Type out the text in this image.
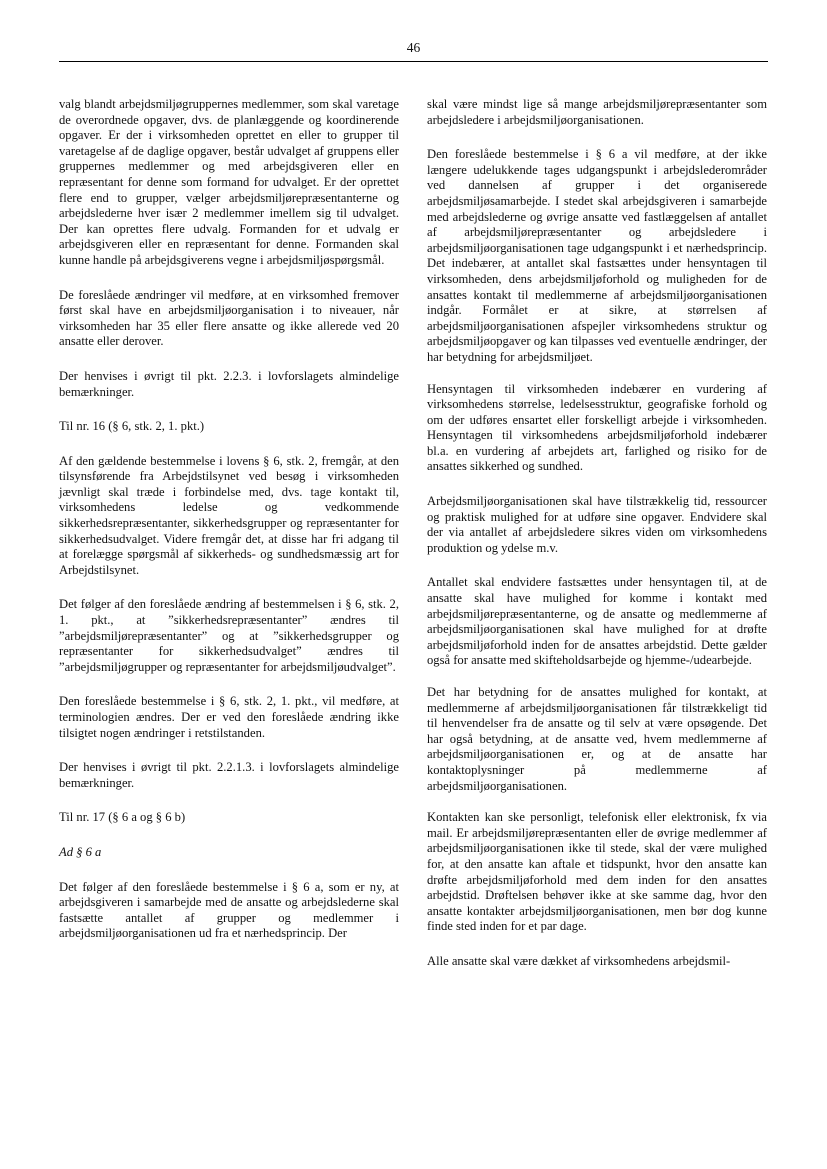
46

valg blandt arbejdsmiljøgruppernes medlemmer, som skal varetage de overordnede opgaver, dvs. de planlæggende og koordinerende opgaver. Er der i virksomheden oprettet en eller to grupper til varetagelse af de daglige opgaver, består udvalget af gruppens eller gruppernes medlemmer og med arbejdsgiveren eller en repræsentant for denne som formand for udvalget. Er der oprettet flere end to grupper, vælger arbejdsmiljørepræsentanterne og arbejdslederne hver især 2 medlemmer imellem sig til udvalget. Der kan oprettes flere udvalg. Formanden for et udvalg er arbejdsgiveren eller en repræsentant for denne. Formanden skal kunne handle på arbejdsgiverens vegne i arbejdsmiljøspørgsmål.

De foreslåede ændringer vil medføre, at en virksomhed fremover først skal have en arbejdsmiljøorganisation i to niveauer, når virksomheden har 35 eller flere ansatte og ikke allerede ved 20 ansatte eller derover.

Der henvises i øvrigt til pkt. 2.2.3. i lovforslagets almindelige bemærkninger.

Til nr. 16 (§ 6, stk. 2, 1. pkt.)

Af den gældende bestemmelse i lovens § 6, stk. 2, fremgår, at den tilsynsførende fra Arbejdstilsynet ved besøg i virksomheden jævnligt skal træde i forbindelse med, dvs. tage kontakt til, virksomhedens ledelse og vedkommende sikkerhedsrepræsentanter, sikkerhedsgrupper og repræsentanter for sikkerhedsudvalget. Videre fremgår det, at disse har fri adgang til at forelægge spørgsmål af sikkerheds- og sundhedsmæssig art for Arbejdstilsynet.

Det følger af den foreslåede ændring af bestemmelsen i § 6, stk. 2, 1. pkt., at ”sikkerhedsrepræsentanter” ændres til ”arbejdsmiljørepræsentanter” og at ”sikkerhedsgrupper og repræsentanter for sikkerhedsudvalget” ændres til ”arbejdsmiljøgrupper og repræsentanter for arbejdsmiljøudvalget”.

Den foreslåede bestemmelse i § 6, stk. 2, 1. pkt., vil medføre, at terminologien ændres. Der er ved den foreslåede ændring ikke tilsigtet nogen ændringer i retstilstanden.

Der henvises i øvrigt til pkt. 2.2.1.3. i lovforslagets almindelige bemærkninger.

Til nr. 17 (§ 6 a og § 6 b)

Ad § 6 a

Det følger af den foreslåede bestemmelse i § 6 a, som er ny, at arbejdsgiveren i samarbejde med de ansatte og arbejdslederne skal fastsætte antallet af grupper og medlemmer i arbejdsmiljøorganisationen ud fra et nærhedsprincip. Der

skal være mindst lige så mange arbejdsmiljørepræsentanter som arbejdsledere i arbejdsmiljøorganisationen.

Den foreslåede bestemmelse i § 6 a vil medføre, at der ikke længere udelukkende tages udgangspunkt i arbejdslederområder ved dannelsen af grupper i det organiserede arbejdsmiljøsamarbejde. I stedet skal arbejdsgiveren i samarbejde med arbejdslederne og øvrige ansatte ved fastlæggelsen af antallet af arbejdsmiljørepræsentanter og arbejdsledere i arbejdsmiljøorganisationen tage udgangspunkt i et nærhedsprincip. Det indebærer, at antallet skal fastsættes under hensyntagen til virksomheden, dens arbejdsmiljøforhold og muligheden for de ansattes kontakt til medlemmerne af arbejdsmiljøorganisationen indgår. Formålet er at sikre, at størrelsen af arbejdsmiljøorganisationen afspejler virksomhedens struktur og arbejdsmiljøopgaver og kan tilpasses ved eventuelle ændringer, der har betydning for arbejdsmiljøet.

Hensyntagen til virksomheden indebærer en vurdering af virksomhedens størrelse, ledelsesstruktur, geografiske forhold og om der udføres ensartet eller forskelligt arbejde i virksomheden. Hensyntagen til virksomhedens arbejdsmiljøforhold indebærer bl.a. en vurdering af arbejdets art, farlighed og risiko for de ansattes sikkerhed og sundhed.

Arbejdsmiljøorganisationen skal have tilstrækkelig tid, ressourcer og praktisk mulighed for at udføre sine opgaver. Endvidere skal der via antallet af arbejdsledere sikres viden om virksomhedens produktion og ydelse m.v.

Antallet skal endvidere fastsættes under hensyntagen til, at de ansatte skal have mulighed for komme i kontakt med arbejdsmiljørepræsentanterne, og de ansatte og medlemmerne af arbejdsmiljøorganisationen skal have mulighed for at drøfte arbejdsmiljøforhold inden for de ansattes arbejdstid. Dette gælder også for ansatte med skifteholdsarbejde og hjemme-/udearbejde.

Det har betydning for de ansattes mulighed for kontakt, at medlemmerne af arbejdsmiljøorganisationen får tilstrækkeligt tid til henvendelser fra de ansatte og til selv at være opsøgende. Det har også betydning, at de ansatte ved, hvem medlemmerne af arbejdsmiljøorganisationen er, og at de ansatte har kontaktoplysninger på medlemmerne af arbejdsmiljøorganisationen.

Kontakten kan ske personligt, telefonisk eller elektronisk, fx via mail. Er arbejdsmiljørepræsentanten eller de øvrige medlemmer af arbejdsmiljøorganisationen ikke til stede, skal der være mulighed for, at den ansatte kan aftale et tidspunkt, hvor den ansatte kan drøfte arbejdsmiljøforhold med dem inden for den ansattes arbejdstid. Drøftelsen behøver ikke at ske samme dag, hvor den ansatte kontakter arbejdsmiljøorganisationen, men bør dog kunne finde sted inden for et par dage.

Alle ansatte skal være dækket af virksomhedens arbejdsmil-
